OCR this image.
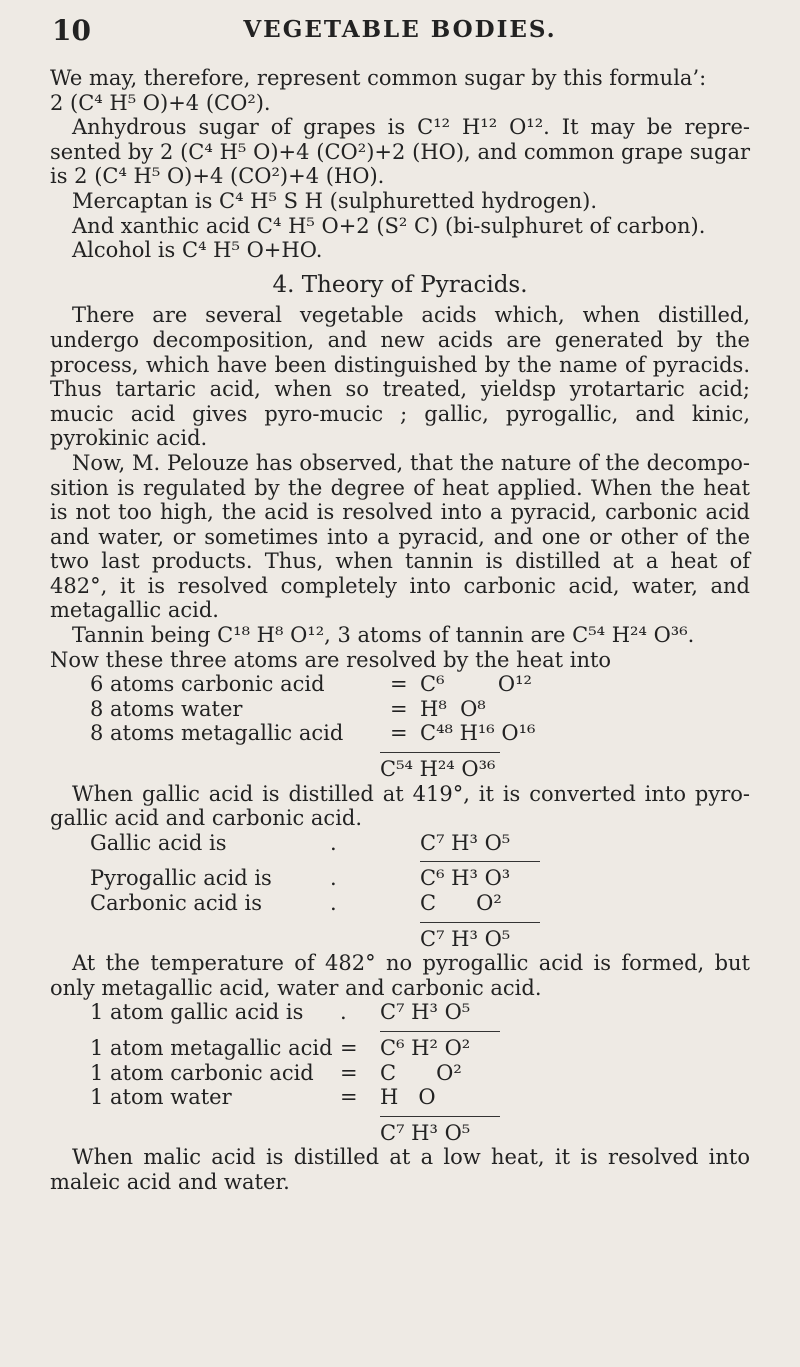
10	VEGETABLE BODIES.

We may, therefore, represent common sugar by this formula’:

2 (C⁴ H⁵ O)+4 (CO²).

Anhydrous sugar of grapes is C¹² H¹² O¹². It may be repre-sented by 2 (C⁴ H⁵ O)+4 (CO²)+2 (HO), and common grape sugar is 2 (C⁴ H⁵ O)+4 (CO²)+4 (HO).

Mercaptan is C⁴ H⁵ S H (sulphuretted hydrogen).

And xanthic acid C⁴ H⁵ O+2 (S² C) (bi-sulphuret of carbon).

Alcohol is C⁴ H⁵ O+HO.

4. Theory of Pyracids.

There are several vegetable acids which, when distilled, undergo decomposition, and new acids are generated by the process, which have been distinguished by the name of pyracids. Thus tartaric acid, when so treated, yieldsp yrotartaric acid; mucic acid gives pyro-mucic ; gallic, pyrogallic, and kinic, pyrokinic acid.

Now, M. Pelouze has observed, that the nature of the decompo-sition is regulated by the degree of heat applied. When the heat is not too high, the acid is resolved into a pyracid, carbonic acid and water, or sometimes into a pyracid, and one or other of the two last products. Thus, when tannin is distilled at a heat of 482°, it is resolved completely into carbonic acid, water, and metagallic acid.

Tannin being C¹⁸ H⁸ O¹², 3 atoms of tannin are C⁵⁴ H²⁴ O³⁶.

Now these three atoms are resolved by the heat into

6 atoms carbonic acid	= C⁶        O¹²
8 atoms water	= H⁸  O⁸
8 atoms metagallic acid	= C⁴⁸ H¹⁶ O¹⁶
C⁵⁴ H²⁴ O³⁶

When gallic acid is distilled at 419°, it is converted into pyro-gallic acid and carbonic acid.

Gallic acid is	.	C⁷ H³ O⁵
Pyrogallic acid is	.	C⁶ H³ O³
Carbonic acid is	.	C      O²
C⁷ H³ O⁵

At the temperature of 482° no pyrogallic acid is formed, but only metagallic acid, water and carbonic acid.

1 atom gallic acid is	.	C⁷ H³ O⁵
1 atom metagallic acid =	C⁶ H² O²
1 atom carbonic acid	=	C      O²
1 atom water	=	H   O
C⁷ H³ O⁵

When malic acid is distilled at a low heat, it is resolved into maleic acid and water.
